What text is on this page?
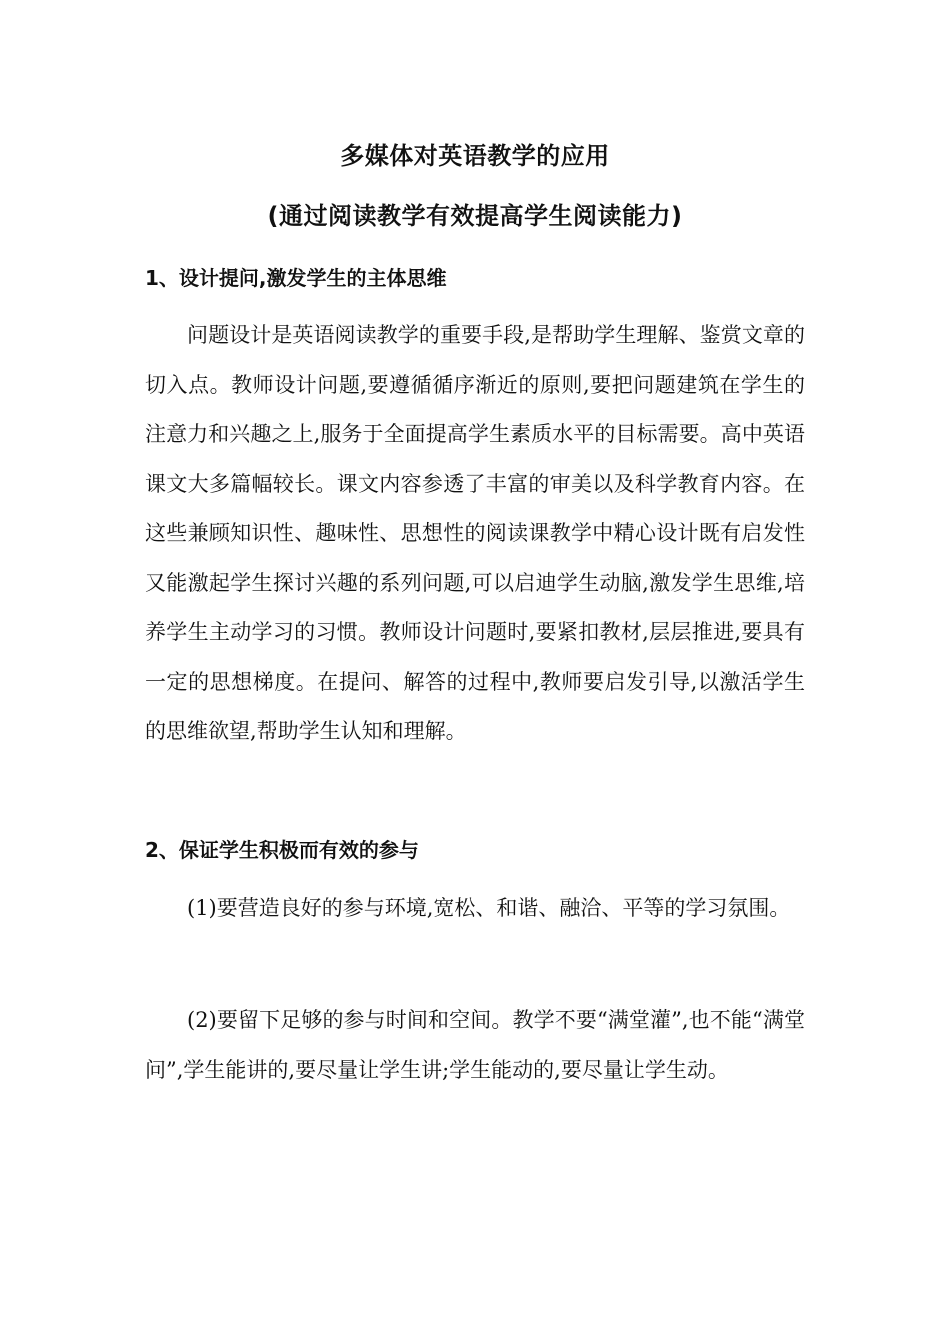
多媒体对英语教学的应用
(通过阅读教学有效提高学生阅读能力)
1、设计提问,激发学生的主体思维

问题设计是英语阅读教学的重要手段,是帮助学生理解、鉴赏文章的切入点。教师设计问题,要遵循循序渐近的原则,要把问题建筑在学生的注意力和兴趣之上,服务于全面提高学生素质水平的目标需要。高中英语课文大多篇幅较长。课文内容参透了丰富的审美以及科学教育内容。在这些兼顾知识性、趣味性、思想性的阅读课教学中精心设计既有启发性又能激起学生探讨兴趣的系列问题,可以启迪学生动脑,激发学生思维,培养学生主动学习的习惯。教师设计问题时,要紧扣教材,层层推进,要具有一定的思想梯度。在提问、解答的过程中,教师要启发引导,以激活学生的思维欲望,帮助学生认知和理解。

2、保证学生积极而有效的参与

(1)要营造良好的参与环境,宽松、和谐、融洽、平等的学习氛围。

(2)要留下足够的参与时间和空间。教学不要“满堂灌”,也不能“满堂问”,学生能讲的,要尽量让学生讲;学生能动的,要尽量让学生动。
